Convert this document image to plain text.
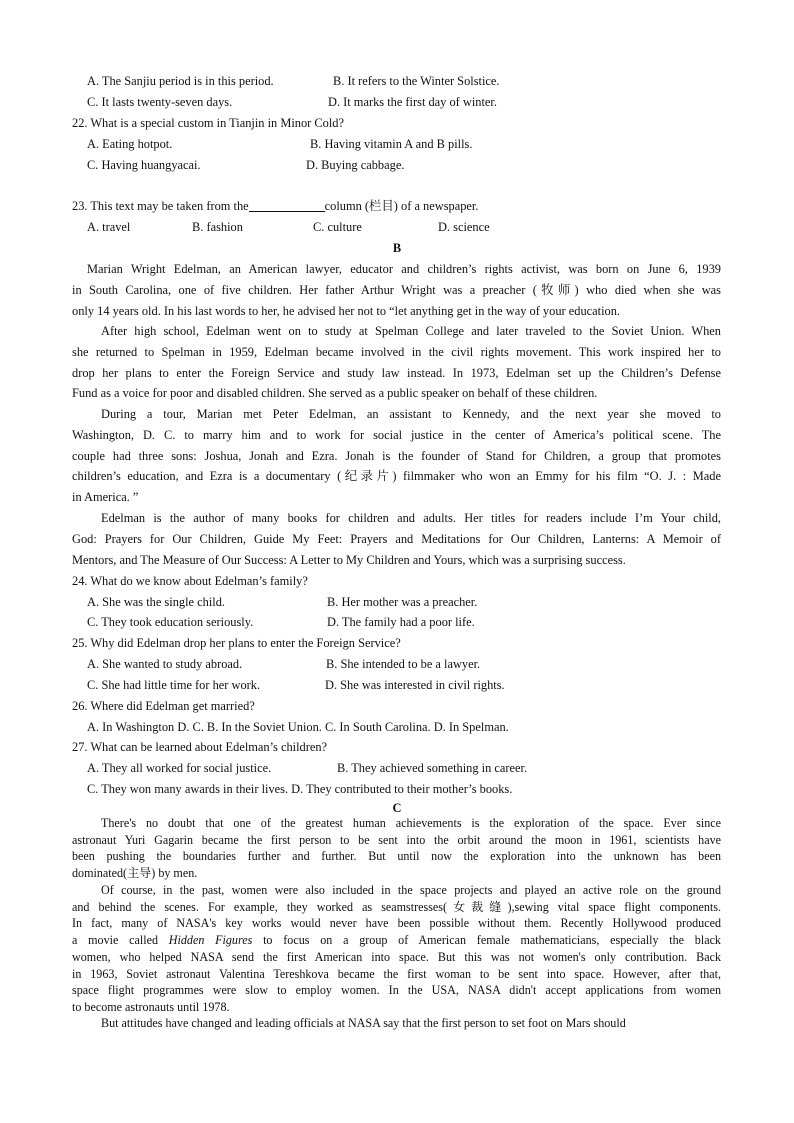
A. The Sanjiu period is in this period.	B. It refers to the Winter Solstice.
C. It lasts twenty-seven days.	D. It marks the first day of winter.
22. What is a special custom in Tianjin in Minor Cold?
A. Eating hotpot.	B. Having vitamin A and B pills.
C. Having huangyacai.	D. Buying cabbage.
23. This text may be taken from the	column (栏目) of a newspaper.
A. travel	B. fashion	C. culture	D. science
B
Marian Wright Edelman, an American lawyer, educator and children’s rights activist, was born on June 6, 1939
in South Carolina, one of five children. Her father Arthur Wright was a preacher (牧师) who died when she was
only 14 years old. In his last words to her, he advised her not to “let anything get in the way of your education.
After high school, Edelman went on to study at Spelman College and later traveled to the Soviet Union. When
she returned to Spelman in 1959, Edelman became involved in the civil rights movement. This work inspired her to
drop her plans to enter the Foreign Service and study law instead. In 1973, Edelman set up the Children’s Defense
Fund as a voice for poor and disabled children. She served as a public speaker on behalf of these children.
During a tour, Marian met Peter Edelman, an assistant to Kennedy, and the next year she moved to
Washington, D. C. to marry him and to work for social justice in the center of America’s political scene. The
couple had three sons: Joshua, Jonah and Ezra. Jonah is the founder of Stand for Children, a group that promotes
children’s education, and Ezra is a documentary (纪录片) filmmaker who won an Emmy for his film “O. J. : Made
in America. ”
Edelman is the author of many books for children and adults. Her titles for readers include I’m Your child,
God: Prayers for Our Children, Guide My Feet: Prayers and Meditations for Our Children, Lanterns: A Memoir of
Mentors, and The Measure of Our Success: A Letter to My Children and Yours, which was a surprising success.
24. What do we know about Edelman’s family?
A. She was the single child.	B. Her mother was a preacher.
C. They took education seriously.	D. The family had a poor life.
25. Why did Edelman drop her plans to enter the Foreign Service?
A. She wanted to study abroad.	B. She intended to be a lawyer.
C. She had little time for her work.	D. She was interested in civil rights.
26. Where did Edelman get married?
A. In Washington D. C. B. In the Soviet Union. C. In South Carolina. D. In Spelman.
27. What can be learned about Edelman’s children?
A. They all worked for social justice.	B. They achieved something in career.
C. They won many awards in their lives. D. They contributed to their mother’s books.
C
There's no doubt that one of the greatest human achievements is the exploration of the space. Ever since
astronaut Yuri Gagarin became the first person to be sent into the orbit around the moon in 1961, scientists have
been pushing the boundaries further and further. But until now the exploration into the unknown has been
dominated(主导) by men.
Of course, in the past, women were also included in the space projects and played an active role on the ground
and behind the scenes. For example, they worked as seamstresses(女裁缝),sewing vital space flight components.
In fact, many of NASA's key works would never have been possible without them. Recently Hollywood produced
a movie called Hidden Figures to focus on a group of American female mathematicians, especially the black
women, who helped NASA send the first American into space. But this was not women's only contribution. Back
in 1963, Soviet astronaut Valentina Tereshkova became the first woman to be sent into space. However, after that,
space flight programmes were slow to employ women. In the USA, NASA didn't accept applications from women
to become astronauts until 1978.
But attitudes have changed and leading officials at NASA say that the first person to set foot on Mars should
